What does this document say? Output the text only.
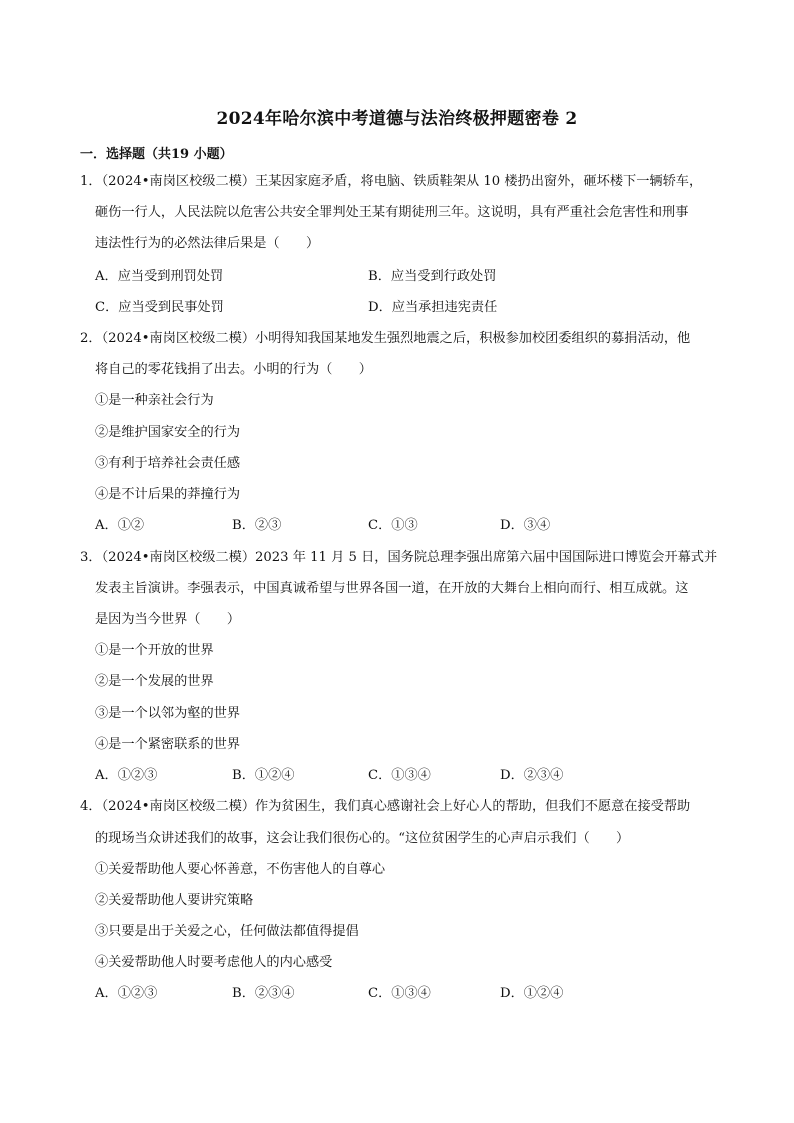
2024年哈尔滨中考道德与法治终极押题密卷 2
一．选择题（共19 小题）
1．（2024•南岗区校级二模）王某因家庭矛盾，将电脑、铁质鞋架从 10 楼扔出窗外，砸坏楼下一辆轿车，
砸伤一行人，人民法院以危害公共安全罪判处王某有期徒刑三年。这说明，具有严重社会危害性和刑事
违法性行为的必然法律后果是（　　）
A．应当受到刑罚处罚	B．应当受到行政处罚
C．应当受到民事处罚	D．应当承担违宪责任
2．（2024•南岗区校级二模）小明得知我国某地发生强烈地震之后，积极参加校团委组织的募捐活动，他
将自己的零花钱捐了出去。小明的行为（　　）
①是一种亲社会行为
②是维护国家安全的行为
③有利于培养社会责任感
④是不计后果的莽撞行为
A．①②	B．②③	C．①③	D．③④
3．（2024•南岗区校级二模）2023 年 11 月 5 日，国务院总理李强出席第六届中国国际进口博览会开幕式并
发表主旨演讲。李强表示，中国真诚希望与世界各国一道，在开放的大舞台上相向而行、相互成就。这
是因为当今世界（　　）
①是一个开放的世界
②是一个发展的世界
③是一个以邻为壑的世界
④是一个紧密联系的世界
A．①②③	B．①②④	C．①③④	D．②③④
4．（2024•南岗区校级二模）作为贫困生，我们真心感谢社会上好心人的帮助，但我们不愿意在接受帮助
的现场当众讲述我们的故事，这会让我们很伤心的。“这位贫困学生的心声启示我们（　　）
①关爱帮助他人要心怀善意，不伤害他人的自尊心
②关爱帮助他人要讲究策略
③只要是出于关爱之心，任何做法都值得提倡
④关爱帮助他人时要考虑他人的内心感受
A．①②③	B．②③④	C．①③④	D．①②④
